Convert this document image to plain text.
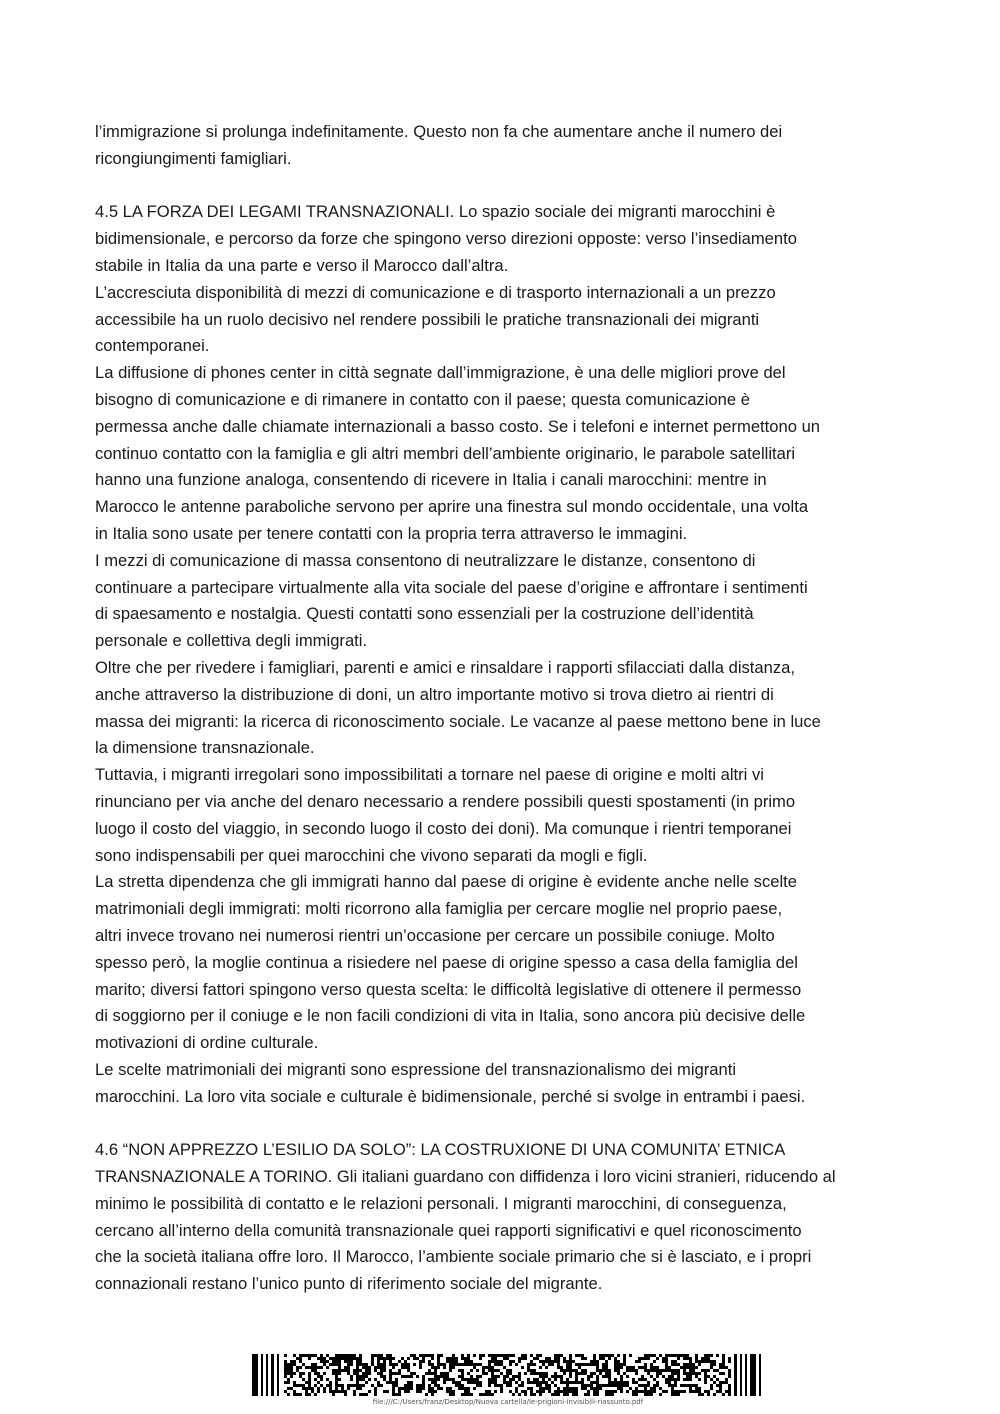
l’immigrazione si prolunga indefinitamente. Questo non fa che aumentare anche il numero dei
ricongiungimenti famigliari.

4.5 LA FORZA DEI LEGAMI TRANSNAZIONALI. Lo spazio sociale dei migranti marocchini è
bidimensionale, e percorso da forze che spingono verso direzioni opposte: verso l’insediamento
stabile in Italia da una parte e verso il Marocco dall’altra.

L’accresciuta disponibilità di mezzi di comunicazione e di trasporto internazionali a un prezzo
accessibile ha un ruolo decisivo nel rendere possibili le pratiche transnazionali dei migranti
contemporanei.

La diffusione di phones center in città segnate dall’immigrazione, è una delle migliori prove del
bisogno di comunicazione e di rimanere in contatto con il paese; questa comunicazione è
permessa anche dalle chiamate internazionali a basso costo. Se i telefoni e internet permettono un
continuo contatto con la famiglia e gli altri membri dell’ambiente originario, le parabole satellitari
hanno una funzione analoga, consentendo di ricevere in Italia i canali marocchini: mentre in
Marocco le antenne paraboliche servono per aprire una finestra sul mondo occidentale, una volta
in Italia sono usate per tenere contatti con la propria terra attraverso le immagini.

I mezzi di comunicazione di massa consentono di neutralizzare le distanze, consentono di
continuare a partecipare virtualmente alla vita sociale del paese d’origine e affrontare i sentimenti
di spaesamento e nostalgia. Questi contatti sono essenziali per la costruzione dell’identità
personale e collettiva degli immigrati.

Oltre che per rivedere i famigliari, parenti e amici e rinsaldare i rapporti sfilacciati dalla distanza,
anche attraverso la distribuzione di doni, un altro importante motivo si trova dietro ai rientri di
massa dei migranti: la ricerca di riconoscimento sociale. Le vacanze al paese mettono bene in luce
la dimensione transnazionale.

Tuttavia, i migranti irregolari sono impossibilitati a tornare nel paese di origine e molti altri vi
rinunciano per via anche del denaro necessario a rendere possibili questi spostamenti (in primo
luogo il costo del viaggio, in secondo luogo il costo dei doni). Ma comunque i rientri temporanei
sono indispensabili per quei marocchini che vivono separati da mogli e figli.

La stretta dipendenza che gli immigrati hanno dal paese di origine è evidente anche nelle scelte
matrimoniali degli immigrati: molti ricorrono alla famiglia per cercare moglie nel proprio paese,
altri invece trovano nei numerosi rientri un’occasione per cercare un possibile coniuge. Molto
spesso però, la moglie continua a risiedere nel paese di origine spesso a casa della famiglia del
marito; diversi fattori spingono verso questa scelta: le difficoltà legislative di ottenere il permesso
di soggiorno per il coniuge e le non facili condizioni di vita in Italia, sono ancora più decisive delle
motivazioni di ordine culturale.

Le scelte matrimoniali dei migranti sono espressione del transnazionalismo dei migranti
marocchini. La loro vita sociale e culturale è bidimensionale, perché si svolge in entrambi i paesi.

4.6 “NON APPREZZO L’ESILIO DA SOLO”: LA COSTRUXIONE DI UNA COMUNITA’ ETNICA
TRANSNAZIONALE A TORINO. Gli italiani guardano con diffidenza i loro vicini stranieri, riducendo al
minimo le possibilità di contatto e le relazioni personali. I migranti marocchini, di conseguenza,
cercano all’interno della comunità transnazionale quei rapporti significativi e quel riconoscimento
che la società italiana offre loro. Il Marocco, l’ambiente sociale primario che si è lasciato, e i propri
connazionali restano l’unico punto di riferimento sociale del migrante.

file:///C:/Users/franz/Desktop/Nuova cartella/le-prigioni-invisibili-riassunto.pdf
